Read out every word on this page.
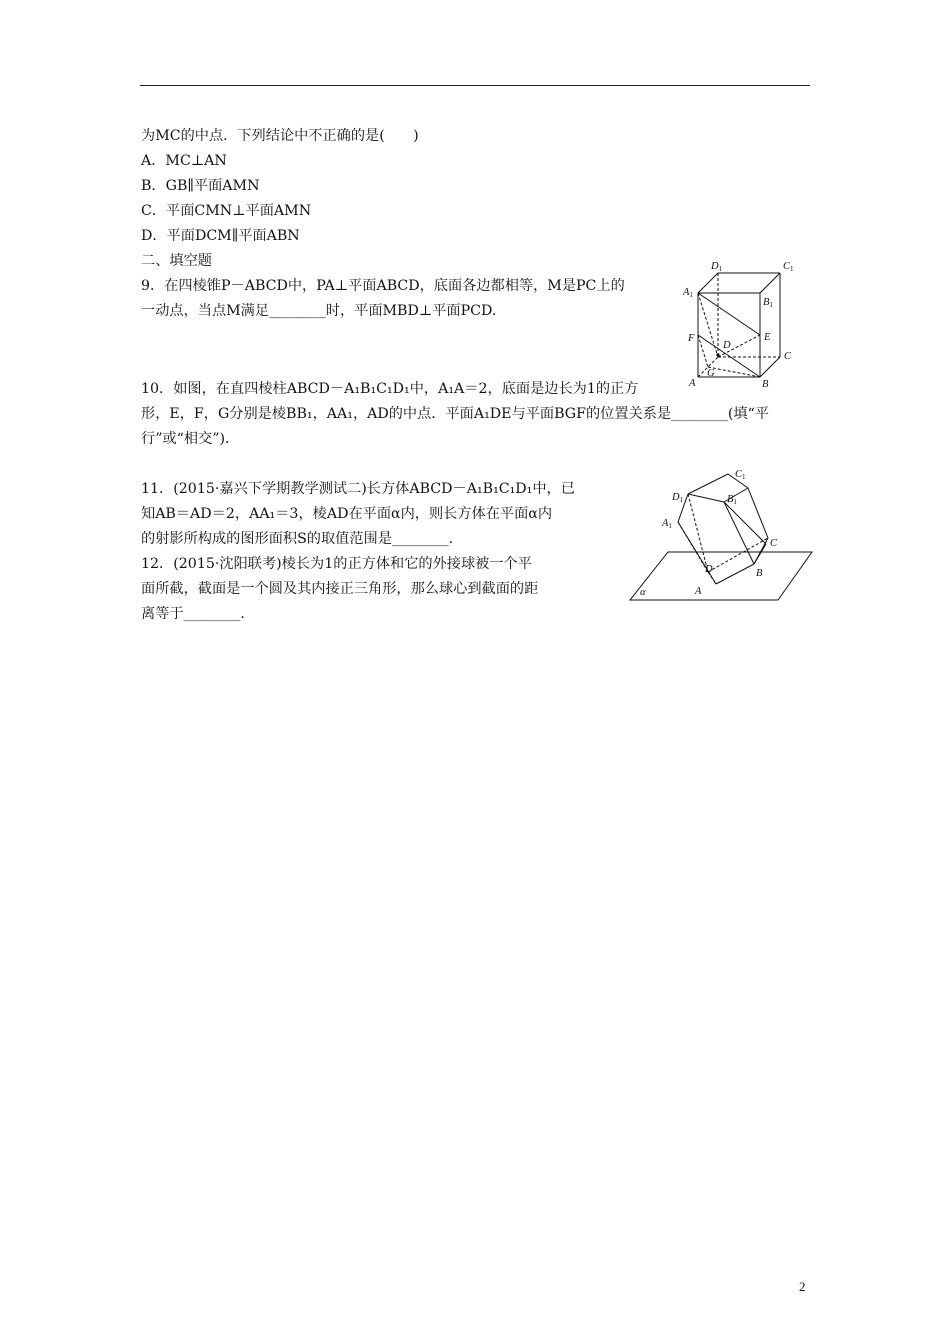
为MC的中点．下列结论中不正确的是(　　)
A．MC⊥AN
B．GB∥平面AMN
C．平面CMN⊥平面AMN
D．平面DCM∥平面ABN
二、填空题
9．在四棱锥P－ABCD中，PA⊥平面ABCD，底面各边都相等，M是PC上的
一动点，当点M满足________时，平面MBD⊥平面PCD.
10．如图，在直四棱柱ABCD－A₁B₁C₁D₁中，A₁A＝2，底面是边长为1的正方
形，E，F，G分别是棱BB₁，AA₁，AD的中点．平面A₁DE与平面BGF的位置关系是________(填“平
行”或“相交”)．
11．(2015·嘉兴下学期教学测试二)长方体ABCD－A₁B₁C₁D₁中，已
知AB＝AD＝2，AA₁＝3，棱AD在平面α内，则长方体在平面α内
的射影所构成的图形面积S的取值范围是________.
12．(2015·沈阳联考)棱长为1的正方体和它的外接球被一个平
面所截，截面是一个圆及其内接正三角形，那么球心到截面的距
离等于________.
D1	C1
A1
B1
F
D
E
C
A
G
B
C1
D1	B1
A1
C
D	B
A
α
2
